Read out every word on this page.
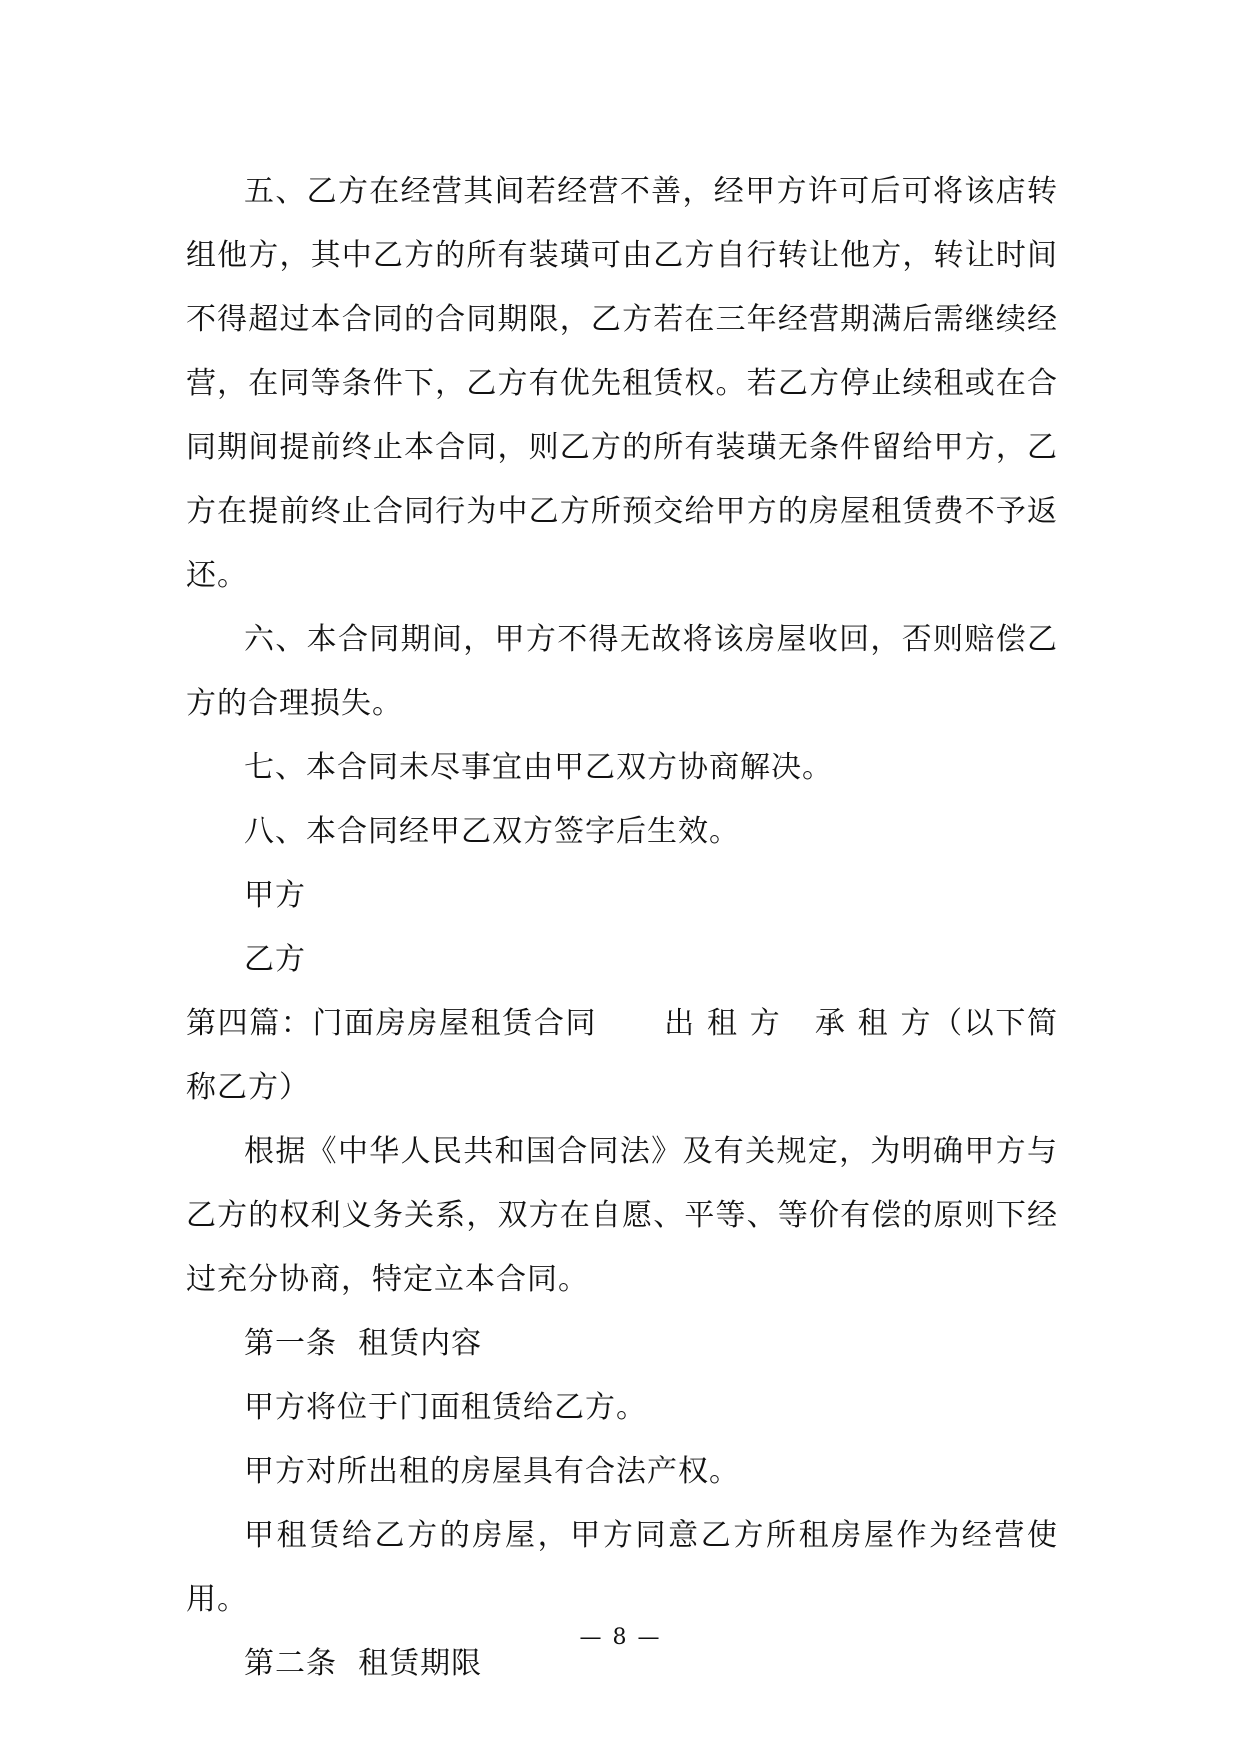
五、乙方在经营其间若经营不善，经甲方许可后可将该店转组他方，其中乙方的所有装璜可由乙方自行转让他方，转让时间不得超过本合同的合同期限，乙方若在三年经营期满后需继续经营，在同等条件下，乙方有优先租赁权。若乙方停止续租或在合同期间提前终止本合同，则乙方的所有装璜无条件留给甲方，乙方在提前终止合同行为中乙方所预交给甲方的房屋租赁费不予返还。

六、本合同期间，甲方不得无故将该房屋收回，否则赔偿乙方的合理损失。

七、本合同未尽事宜由甲乙双方协商解决。

八、本合同经甲乙双方签字后生效。

甲方

乙方

第四篇：门面房房屋租赁合同      出 租 方   承 租 方（以下简称乙方）

根据《中华人民共和国合同法》及有关规定，为明确甲方与乙方的权利义务关系，双方在自愿、平等、等价有偿的原则下经过充分协商，特定立本合同。

第一条  租赁内容

甲方将位于门面租赁给乙方。

甲方对所出租的房屋具有合法产权。

甲租赁给乙方的房屋，甲方同意乙方所租房屋作为经营使用。

第二条  租赁期限

— 8 —
